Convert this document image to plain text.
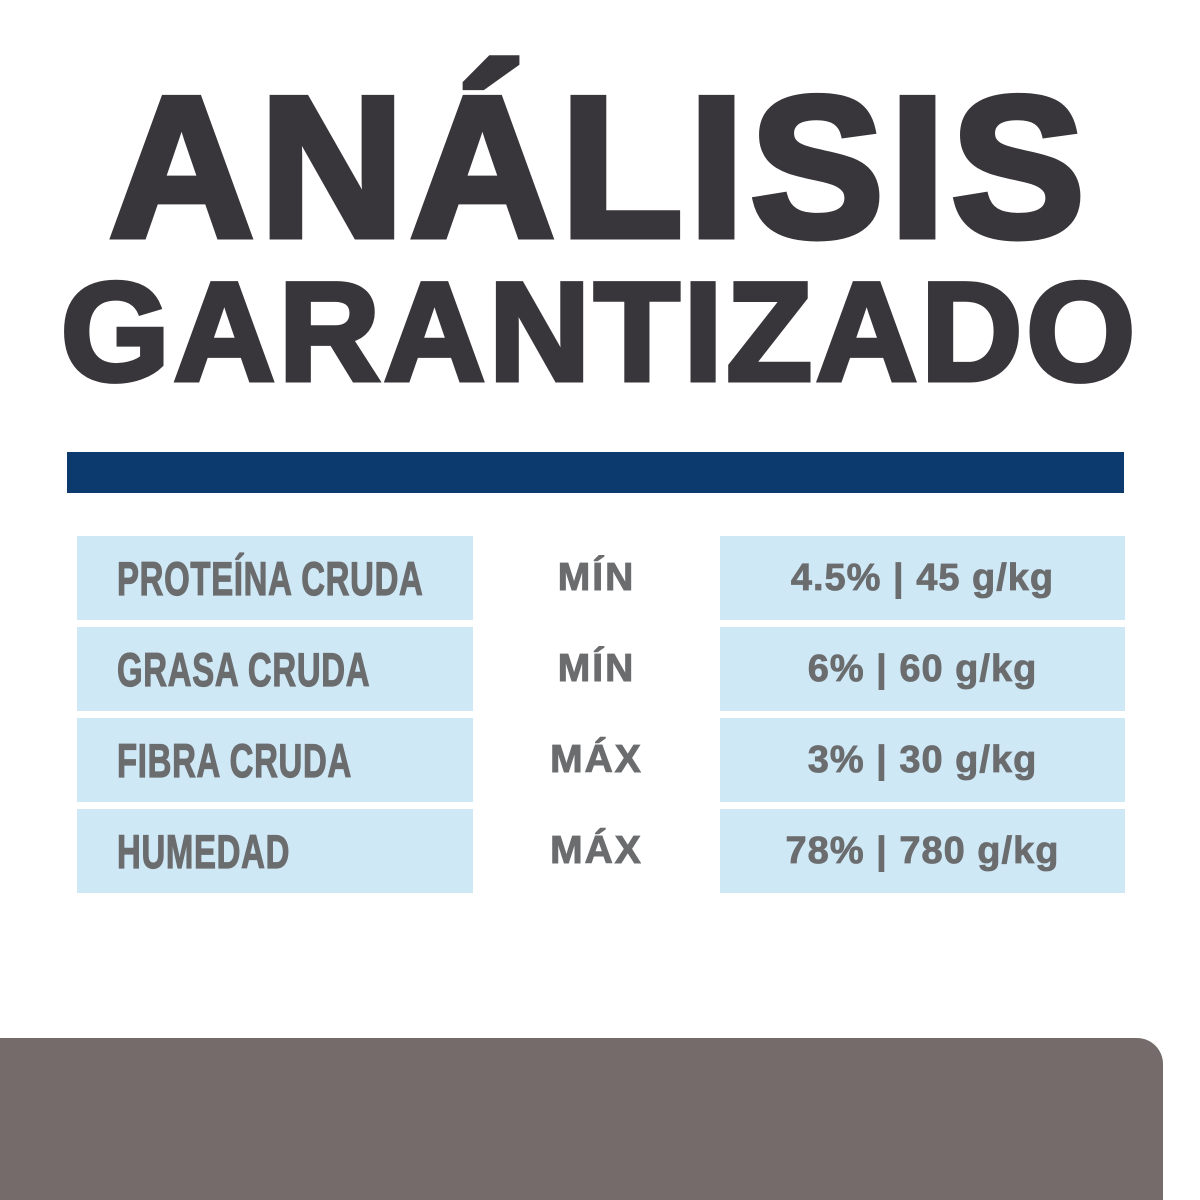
ANÁLISIS
GARANTIZADO
PROTEÍNA CRUDA	MÍN	4.5% | 45 g/kg
GRASA CRUDA	MÍN	6% | 60 g/kg
FIBRA CRUDA	MÁX	3% | 30 g/kg
HUMEDAD	MÁX	78% | 780 g/kg
